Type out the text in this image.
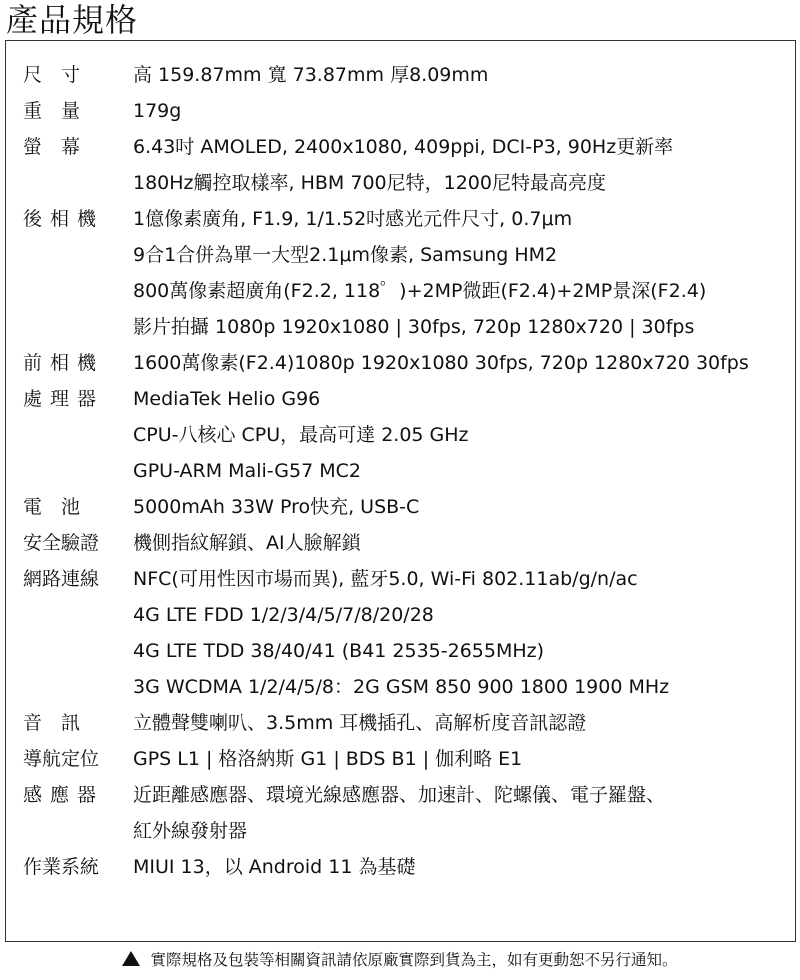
產品規格
尺　寸	高 159.87mm 寬 73.87mm 厚8.09mm
重　量	179g
螢　幕	6.43吋 AMOLED, 2400x1080, 409ppi, DCI-P3, 90Hz更新率
180Hz觸控取樣率, HBM 700尼特，1200尼特最高亮度
後相機	1億像素廣角, F1.9, 1/1.52吋感光元件尺寸, 0.7μm
9合1合併為單一大型2.1μm像素, Samsung HM2
800萬像素超廣角(F2.2, 118゜)+2MP微距(F2.4)+2MP景深(F2.4)
影片拍攝 1080p 1920x1080 | 30fps, 720p 1280x720 | 30fps
前相機	1600萬像素(F2.4)1080p 1920x1080 30fps, 720p 1280x720 30fps
處理器	MediaTek Helio G96
CPU-八核心 CPU，最高可達 2.05 GHz
GPU-ARM Mali-G57 MC2
電　池	5000mAh 33W Pro快充, USB-C
安全驗證	機側指紋解鎖、AI人臉解鎖
網路連線	NFC(可用性因市場而異), 藍牙5.0, Wi-Fi 802.11ab/g/n/ac
4G LTE FDD 1/2/3/4/5/7/8/20/28
4G LTE TDD 38/40/41 (B41 2535-2655MHz)
3G WCDMA 1/2/4/5/8：2G GSM 850 900 1800 1900 MHz
音　訊	立體聲雙喇叭、3.5mm 耳機插孔、高解析度音訊認證
導航定位	GPS L1 | 格洛納斯 G1 | BDS B1 | 伽利略 E1
感應器	近距離感應器、環境光線感應器、加速計、陀螺儀、電子羅盤、
紅外線發射器
作業系統	MIUI 13，以 Android 11 為基礎
實際規格及包裝等相關資訊請依原廠實際到貨為主，如有更動恕不另行通知。
